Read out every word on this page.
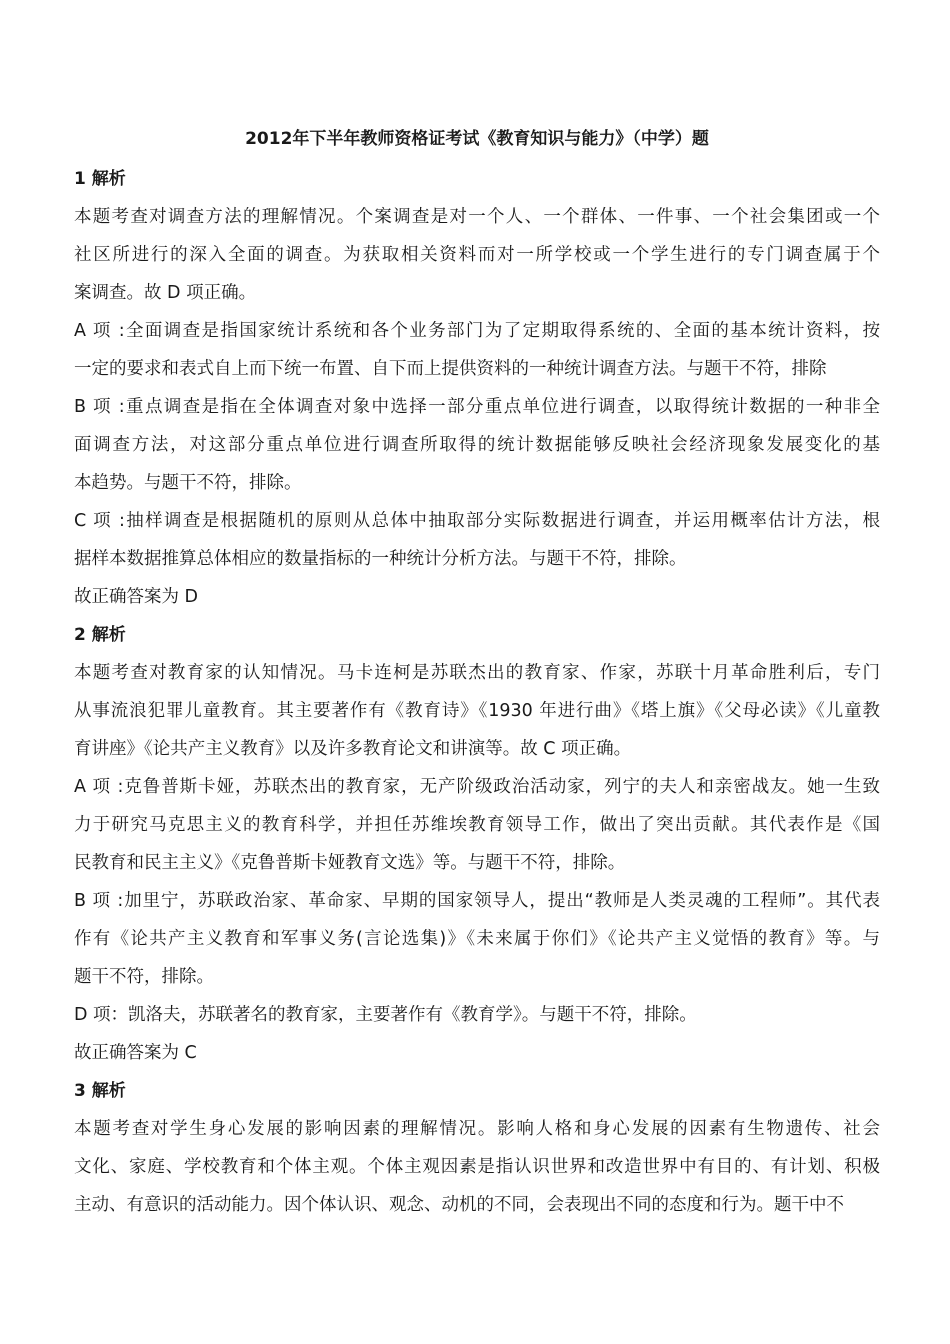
2012年下半年教师资格证考试《教育知识与能力》（中学）题
1 解析

本题考查对调查方法的理解情况。个案调查是对一个人、一个群体、一件事、一个社会集团或一个
社区所进行的深入全面的调查。为获取相关资料而对一所学校或一个学生进行的专门调查属于个
案调查。故 D 项正确。

A 项 :全面调查是指国家统计系统和各个业务部门为了定期取得系统的、全面的基本统计资料，按
一定的要求和表式自上而下统一布置、自下而上提供资料的一种统计调查方法。与题干不符，排除

B 项 :重点调查是指在全体调查对象中选择一部分重点单位进行调查，以取得统计数据的一种非全
面调查方法，对这部分重点单位进行调查所取得的统计数据能够反映社会经济现象发展变化的基
本趋势。与题干不符，排除。

C 项 :抽样调查是根据随机的原则从总体中抽取部分实际数据进行调查，并运用概率估计方法，根
据样本数据推算总体相应的数量指标的一种统计分析方法。与题干不符，排除。

故正确答案为 D

2 解析

本题考查对教育家的认知情况。马卡连柯是苏联杰出的教育家、作家，苏联十月革命胜利后，专门
从事流浪犯罪儿童教育。其主要著作有《教育诗》《1930 年进行曲》《塔上旗》《父母必读》《儿童教
育讲座》《论共产主义教育》以及许多教育论文和讲演等。故 C 项正确。

A 项 :克鲁普斯卡娅，苏联杰出的教育家，无产阶级政治活动家，列宁的夫人和亲密战友。她一生致
力于研究马克思主义的教育科学，并担任苏维埃教育领导工作，做出了突出贡献。其代表作是《国
民教育和民主主义》《克鲁普斯卡娅教育文选》等。与题干不符，排除。

B 项 :加里宁，苏联政治家、革命家、早期的国家领导人，提出“教师是人类灵魂的工程师”。其代表
作有《论共产主义教育和军事义务(言论选集)》《未来属于你们》《论共产主义觉悟的教育》等。与
题干不符，排除。

D 项：凯洛夫，苏联著名的教育家，主要著作有《教育学》。与题干不符，排除。

故正确答案为 C

3 解析

本题考查对学生身心发展的影响因素的理解情况。影响人格和身心发展的因素有生物遗传、社会
文化、家庭、学校教育和个体主观。个体主观因素是指认识世界和改造世界中有目的、有计划、积极
主动、有意识的活动能力。因个体认识、观念、动机的不同，会表现出不同的态度和行为。题干中不
